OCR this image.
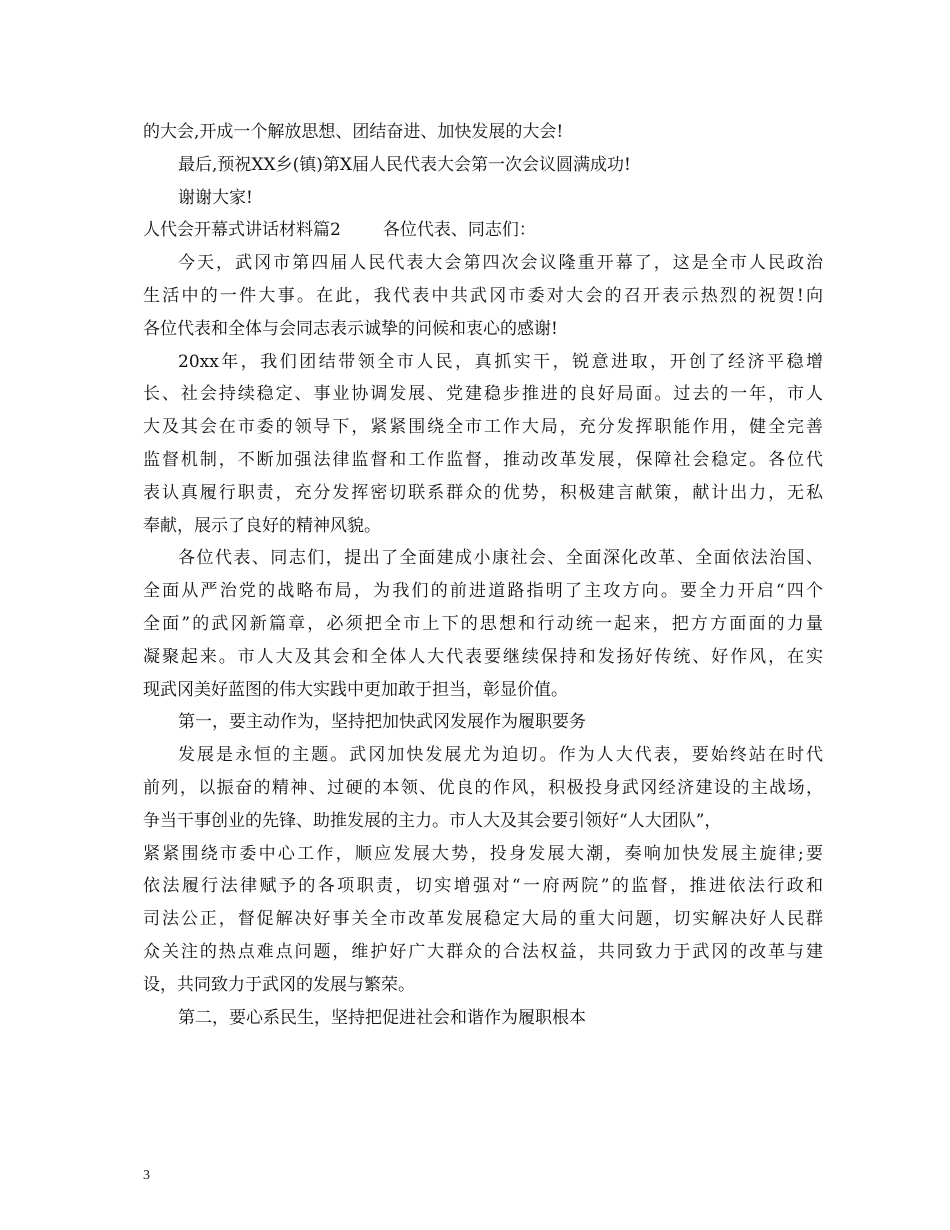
的大会,开成一个解放思想、团结奋进、加快发展的大会!
最后,预祝XX乡(镇)第X届人民代表大会第一次会议圆满成功!
谢谢大家!
人代会开幕式讲话材料篇2 各位代表、同志们：
今天，武冈市第四届人民代表大会第四次会议隆重开幕了，这是全市人民政治
生活中的一件大事。在此，我代表中共武冈市委对大会的召开表示热烈的祝贺!向
各位代表和全体与会同志表示诚挚的问候和衷心的感谢!
20xx年，我们团结带领全市人民，真抓实干，锐意进取，开创了经济平稳增
长、社会持续稳定、事业协调发展、党建稳步推进的良好局面。过去的一年，市人
大及其会在市委的领导下，紧紧围绕全市工作大局，充分发挥职能作用，健全完善
监督机制，不断加强法律监督和工作监督，推动改革发展，保障社会稳定。各位代
表认真履行职责，充分发挥密切联系群众的优势，积极建言献策，献计出力，无私
奉献，展示了良好的精神风貌。
各位代表、同志们，提出了全面建成小康社会、全面深化改革、全面依法治国、
全面从严治党的战略布局，为我们的前进道路指明了主攻方向。要全力开启“四个
全面”的武冈新篇章，必须把全市上下的思想和行动统一起来，把方方面面的力量
凝聚起来。市人大及其会和全体人大代表要继续保持和发扬好传统、好作风，在实
现武冈美好蓝图的伟大实践中更加敢于担当，彰显价值。
第一，要主动作为，坚持把加快武冈发展作为履职要务
发展是永恒的主题。武冈加快发展尤为迫切。作为人大代表，要始终站在时代
前列，以振奋的精神、过硬的本领、优良的作风，积极投身武冈经济建设的主战场，
争当干事创业的先锋、助推发展的主力。市人大及其会要引领好“人大团队”，
紧紧围绕市委中心工作，顺应发展大势，投身发展大潮，奏响加快发展主旋律;要
依法履行法律赋予的各项职责，切实增强对“一府两院”的监督，推进依法行政和
司法公正，督促解决好事关全市改革发展稳定大局的重大问题，切实解决好人民群
众关注的热点难点问题，维护好广大群众的合法权益，共同致力于武冈的改革与建
设，共同致力于武冈的发展与繁荣。
第二，要心系民生，坚持把促进社会和谐作为履职根本
3
